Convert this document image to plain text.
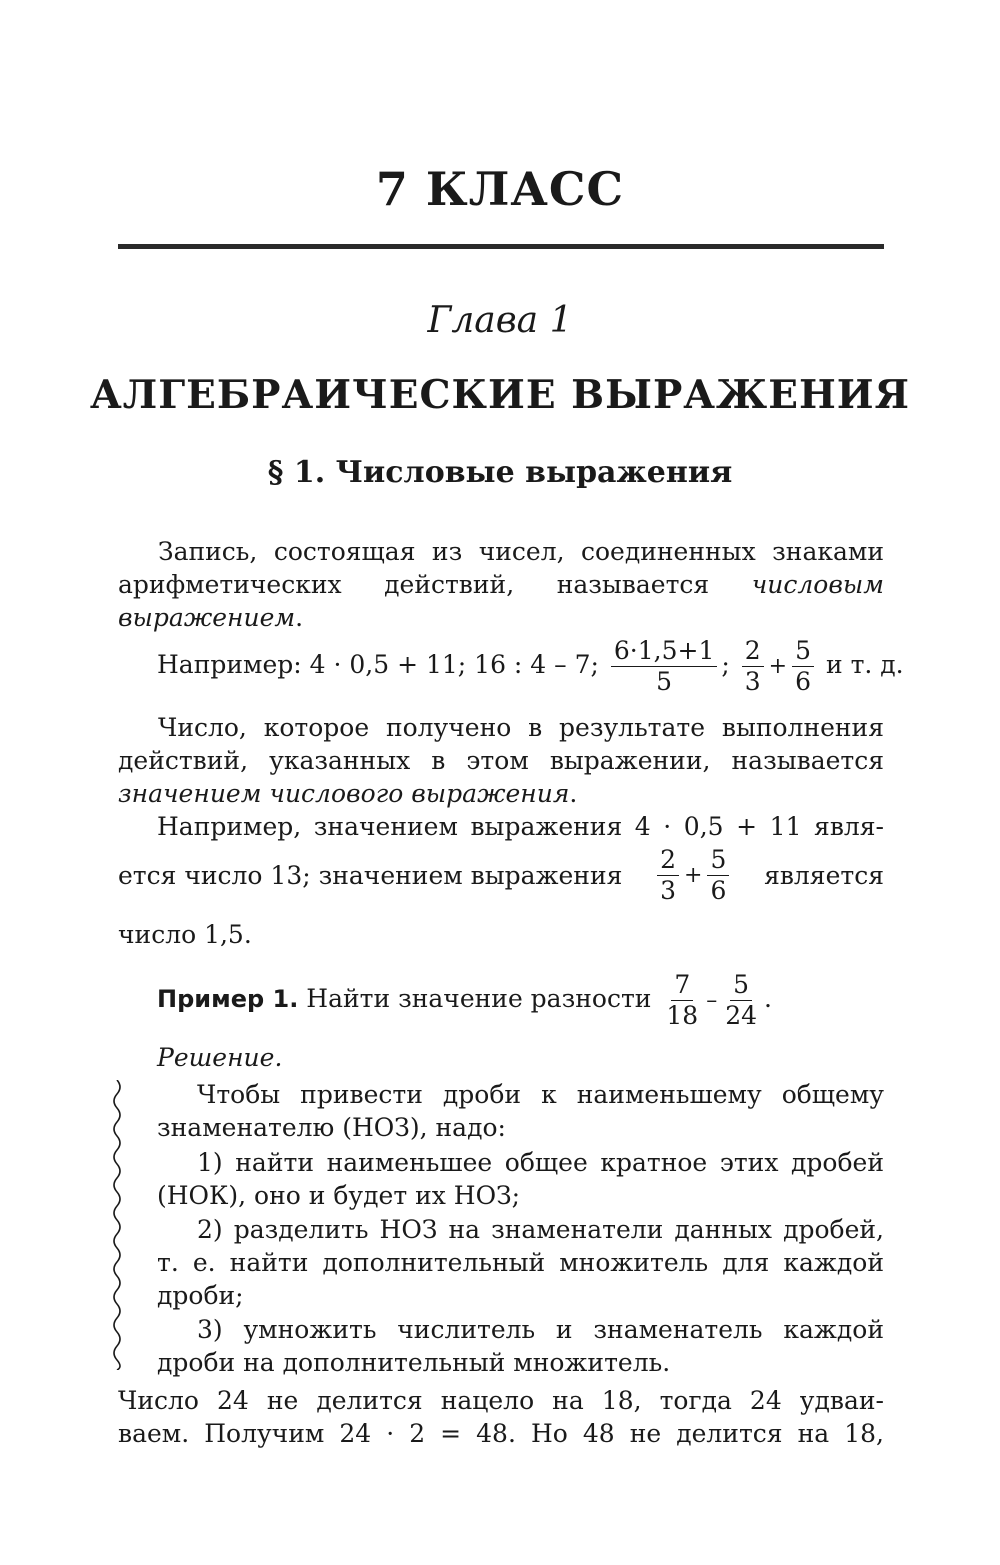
7 КЛАСС
Глава 1
АЛГЕБРАИЧЕСКИЕ ВЫРАЖЕНИЯ
§ 1. Числовые выражения
Запись, состоящая из чисел, соединенных знаками арифметических действий, называется числовым выражением.
Например: 4 · 0,5 + 11; 16 : 4 – 7; $\frac{6\cdot 1,5+1}{5}$ ; $\frac{2}{3} + \frac{5}{6}$ и т. д.
Число, которое получено в результате выполнения действий, указанных в этом выражении, называется значением числового выражения.
Например, значением выражения 4 · 0,5 + 11 явля-
ется число 13; значением выражения $\frac{2}{3} + \frac{5}{6}$ является
число 1,5.
Пример 1. Найти значение разности $\frac{7}{18} - \frac{5}{24}$ .
Решение.
Чтобы привести дроби к наименьшему общему знаменателю (НОЗ), надо:
1) найти наименьшее общее кратное этих дробей (НОК), оно и будет их НОЗ;
2) разделить НОЗ на знаменатели данных дробей, т. е. найти дополнительный множитель для каждой дроби;
3) умножить числитель и знаменатель каждой дроби на дополнительный множитель.
Число 24 не делится нацело на 18, тогда 24 удваи-
ваем. Получим 24 · 2 = 48. Но 48 не делится на 18,
